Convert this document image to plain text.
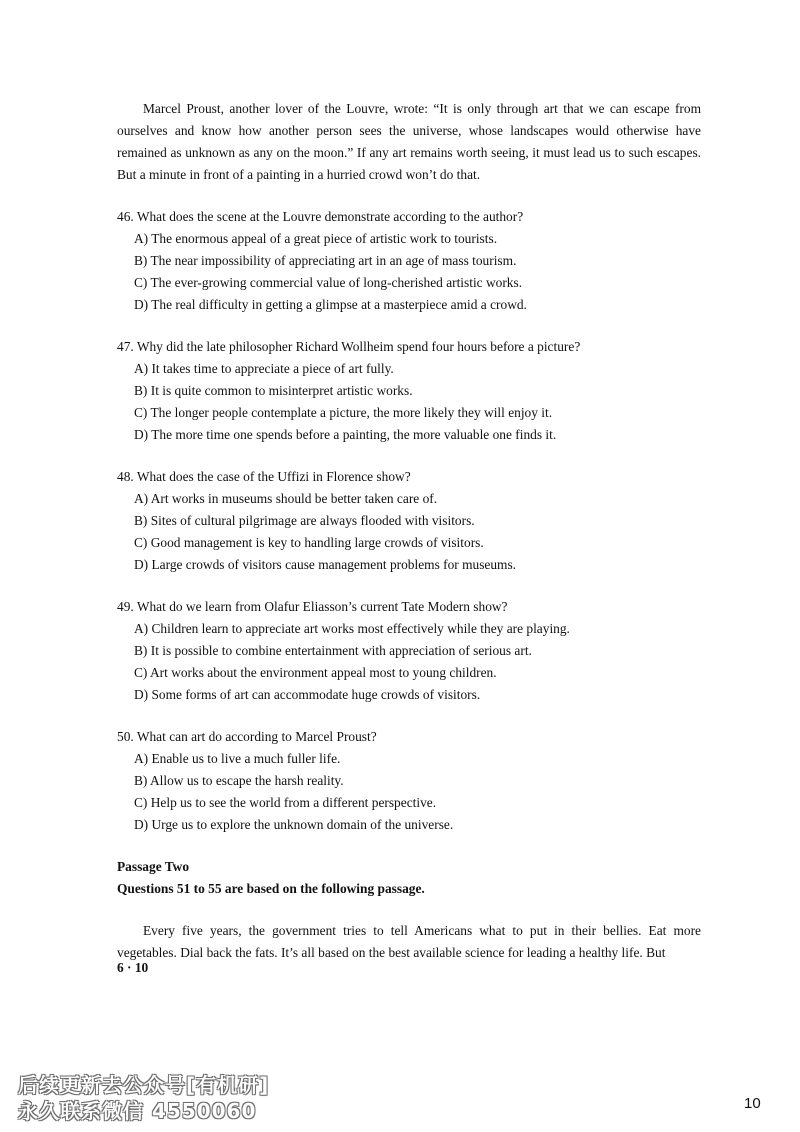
Marcel Proust, another lover of the Louvre, wrote: “It is only through art that we can escape from ourselves and know how another person sees the universe, whose landscapes would otherwise have remained as unknown as any on the moon.” If any art remains worth seeing, it must lead us to such escapes. But a minute in front of a painting in a hurried crowd won’t do that.

46. What does the scene at the Louvre demonstrate according to the author?

A) The enormous appeal of a great piece of artistic work to tourists.

B) The near impossibility of appreciating art in an age of mass tourism.

C) The ever-growing commercial value of long-cherished artistic works.

D) The real difficulty in getting a glimpse at a masterpiece amid a crowd.

47. Why did the late philosopher Richard Wollheim spend four hours before a picture?

A) It takes time to appreciate a piece of art fully.

B) It is quite common to misinterpret artistic works.

C) The longer people contemplate a picture, the more likely they will enjoy it.

D) The more time one spends before a painting, the more valuable one finds it.

48. What does the case of the Uffizi in Florence show?

A) Art works in museums should be better taken care of.

B) Sites of cultural pilgrimage are always flooded with visitors.

C) Good management is key to handling large crowds of visitors.

D) Large crowds of visitors cause management problems for museums.

49. What do we learn from Olafur Eliasson’s current Tate Modern show?

A) Children learn to appreciate art works most effectively while they are playing.

B) It is possible to combine entertainment with appreciation of serious art.

C) Art works about the environment appeal most to young children.

D) Some forms of art can accommodate huge crowds of visitors.

50. What can art do according to Marcel Proust?

A) Enable us to live a much fuller life.

B) Allow us to escape the harsh reality.

C) Help us to see the world from a different perspective.

D) Urge us to explore the unknown domain of the universe.

Passage Two

Questions 51 to 55 are based on the following passage.

Every five years, the government tries to tell Americans what to put in their bellies. Eat more vegetables. Dial back the fats. It’s all based on the best available science for leading a healthy life. But

6 · 10
后续更新去公众号[有机研]
永久联系微信 4550060	10
